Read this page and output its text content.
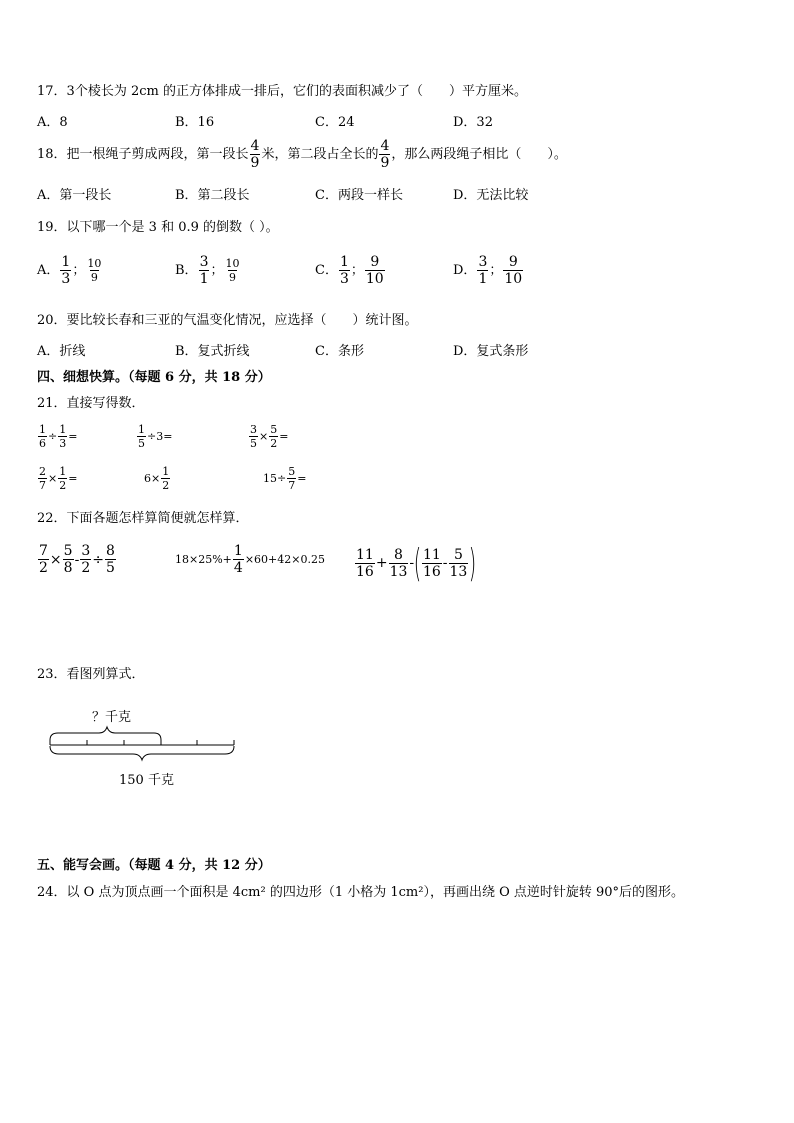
17．3个棱长为 2cm 的正方体排成一排后，它们的表面积减少了（　　）平方厘米。
A．8	B．16	C．24	D．32
18．把一根绳子剪成两段，第一段长 $\frac{4}{9}$ 米，第二段占全长的 $\frac{4}{9}$ ，那么两段绳子相比（　　）。
A．第一段长	B．第二段长	C．两段一样长	D．无法比较
19．以下哪一个是 3 和 0.9 的倒数（ ）。
A． $\frac{1}{3}$ ； $\frac{10}{9}$	B． $\frac{3}{1}$ ； $\frac{10}{9}$	C． $\frac{1}{3}$ ； $\frac{9}{10}$	D． $\frac{3}{1}$ ； $\frac{9}{10}$
20．要比较长春和三亚的气温变化情况，应选择（　　）统计图。
A．折线	B．复式折线	C．条形	D．复式条形
四、细想快算。（每题 6 分，共 18 分）
21．直接写得数．
$\frac{1}{6} \div \frac{1}{3}$ =	$\frac{1}{5} \div 3$ =	$\frac{3}{5} \times \frac{5}{2}$ =
$\frac{2}{7} \times \frac{1}{2}$ =	$6\times \frac{1}{2}$	$15\div \frac{5}{7}$ =
22．下面各题怎样算简便就怎样算．
$\frac{7}{2} \times \frac{5}{8} - \frac{3}{2} \div \frac{8}{5}$	$18\times 25\%+ \frac{1}{4} \times 60+42\times 0.25 \frac{11}{16} + \frac{8}{13}$ - ( $\frac{11}{16} - \frac{5}{13}$ )
23．看图列算式．
？千克
150 千克
五、能写会画。（每题 4 分，共 12 分）
24．以 O 点为顶点画一个面积是 4cm² 的四边形（1 小格为 1cm²），再画出绕 O 点逆时针旋转 90°后的图形。
